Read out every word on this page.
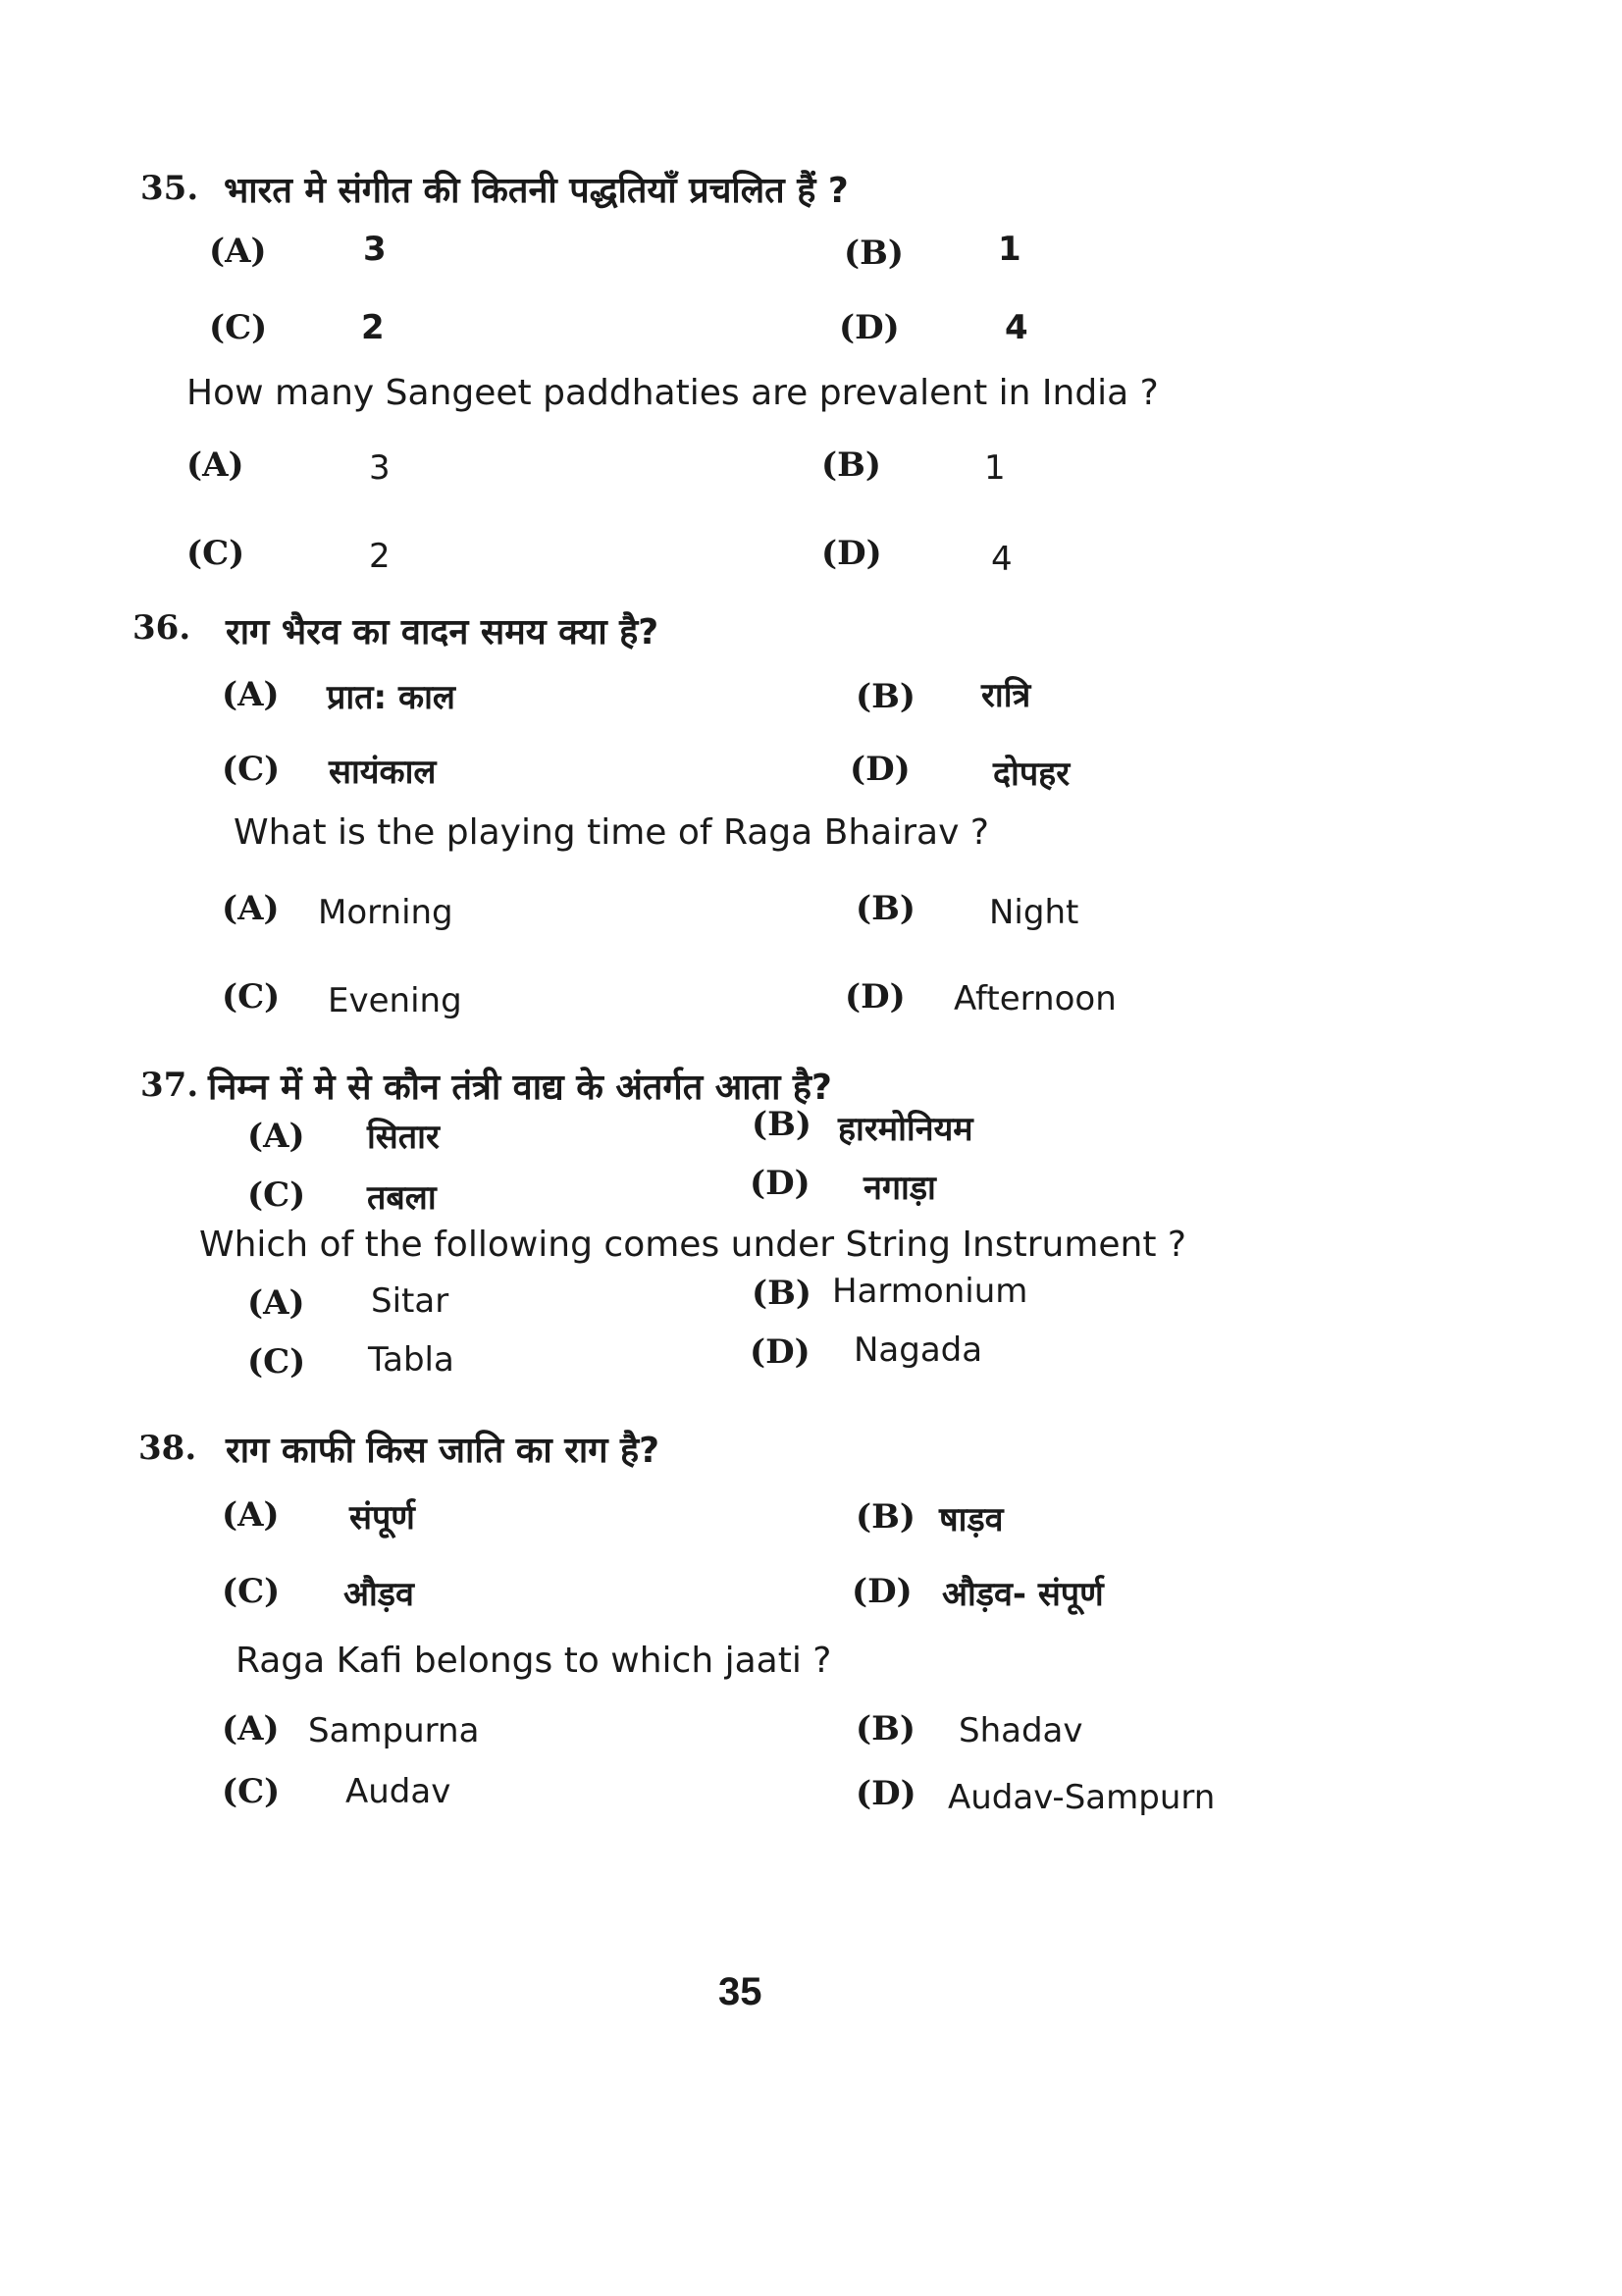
35. भारत मे संगीत की कितनी पद्धतियाँ प्रचलित हैं ?
(A)	3	(B)	1
(C)	2	(D)	4
How many Sangeet paddhaties are prevalent in India ?
(A)	3	(B)	1
(C)	2	(D)	4
36. राग भैरव का वादन समय क्या है?
(A) प्रात: काल	(B) रात्रि
(C) सायंकाल	(D) दोपहर
What is the playing time of Raga Bhairav ?
(A) Morning	(B) Night
(C) Evening	(D) Afternoon
37. निम्न में मे से कौन तंत्री वाद्य के अंतर्गत आता है?
(A) सितार	(B) हारमोनियम
(C) तबला	(D) नगाड़ा
Which of the following comes under String Instrument ?
(A) Sitar	(B) Harmonium
(C) Tabla	(D) Nagada
38. राग काफी किस जाति का राग है?
(A) संपूर्ण	(B) षाड़व
(C) औड़व	(D) औड़व- संपूर्ण
Raga Kafi belongs to which jaati ?
(A) Sampurna	(B) Shadav
(C) Audav	(D) Audav-Sampurn
35
